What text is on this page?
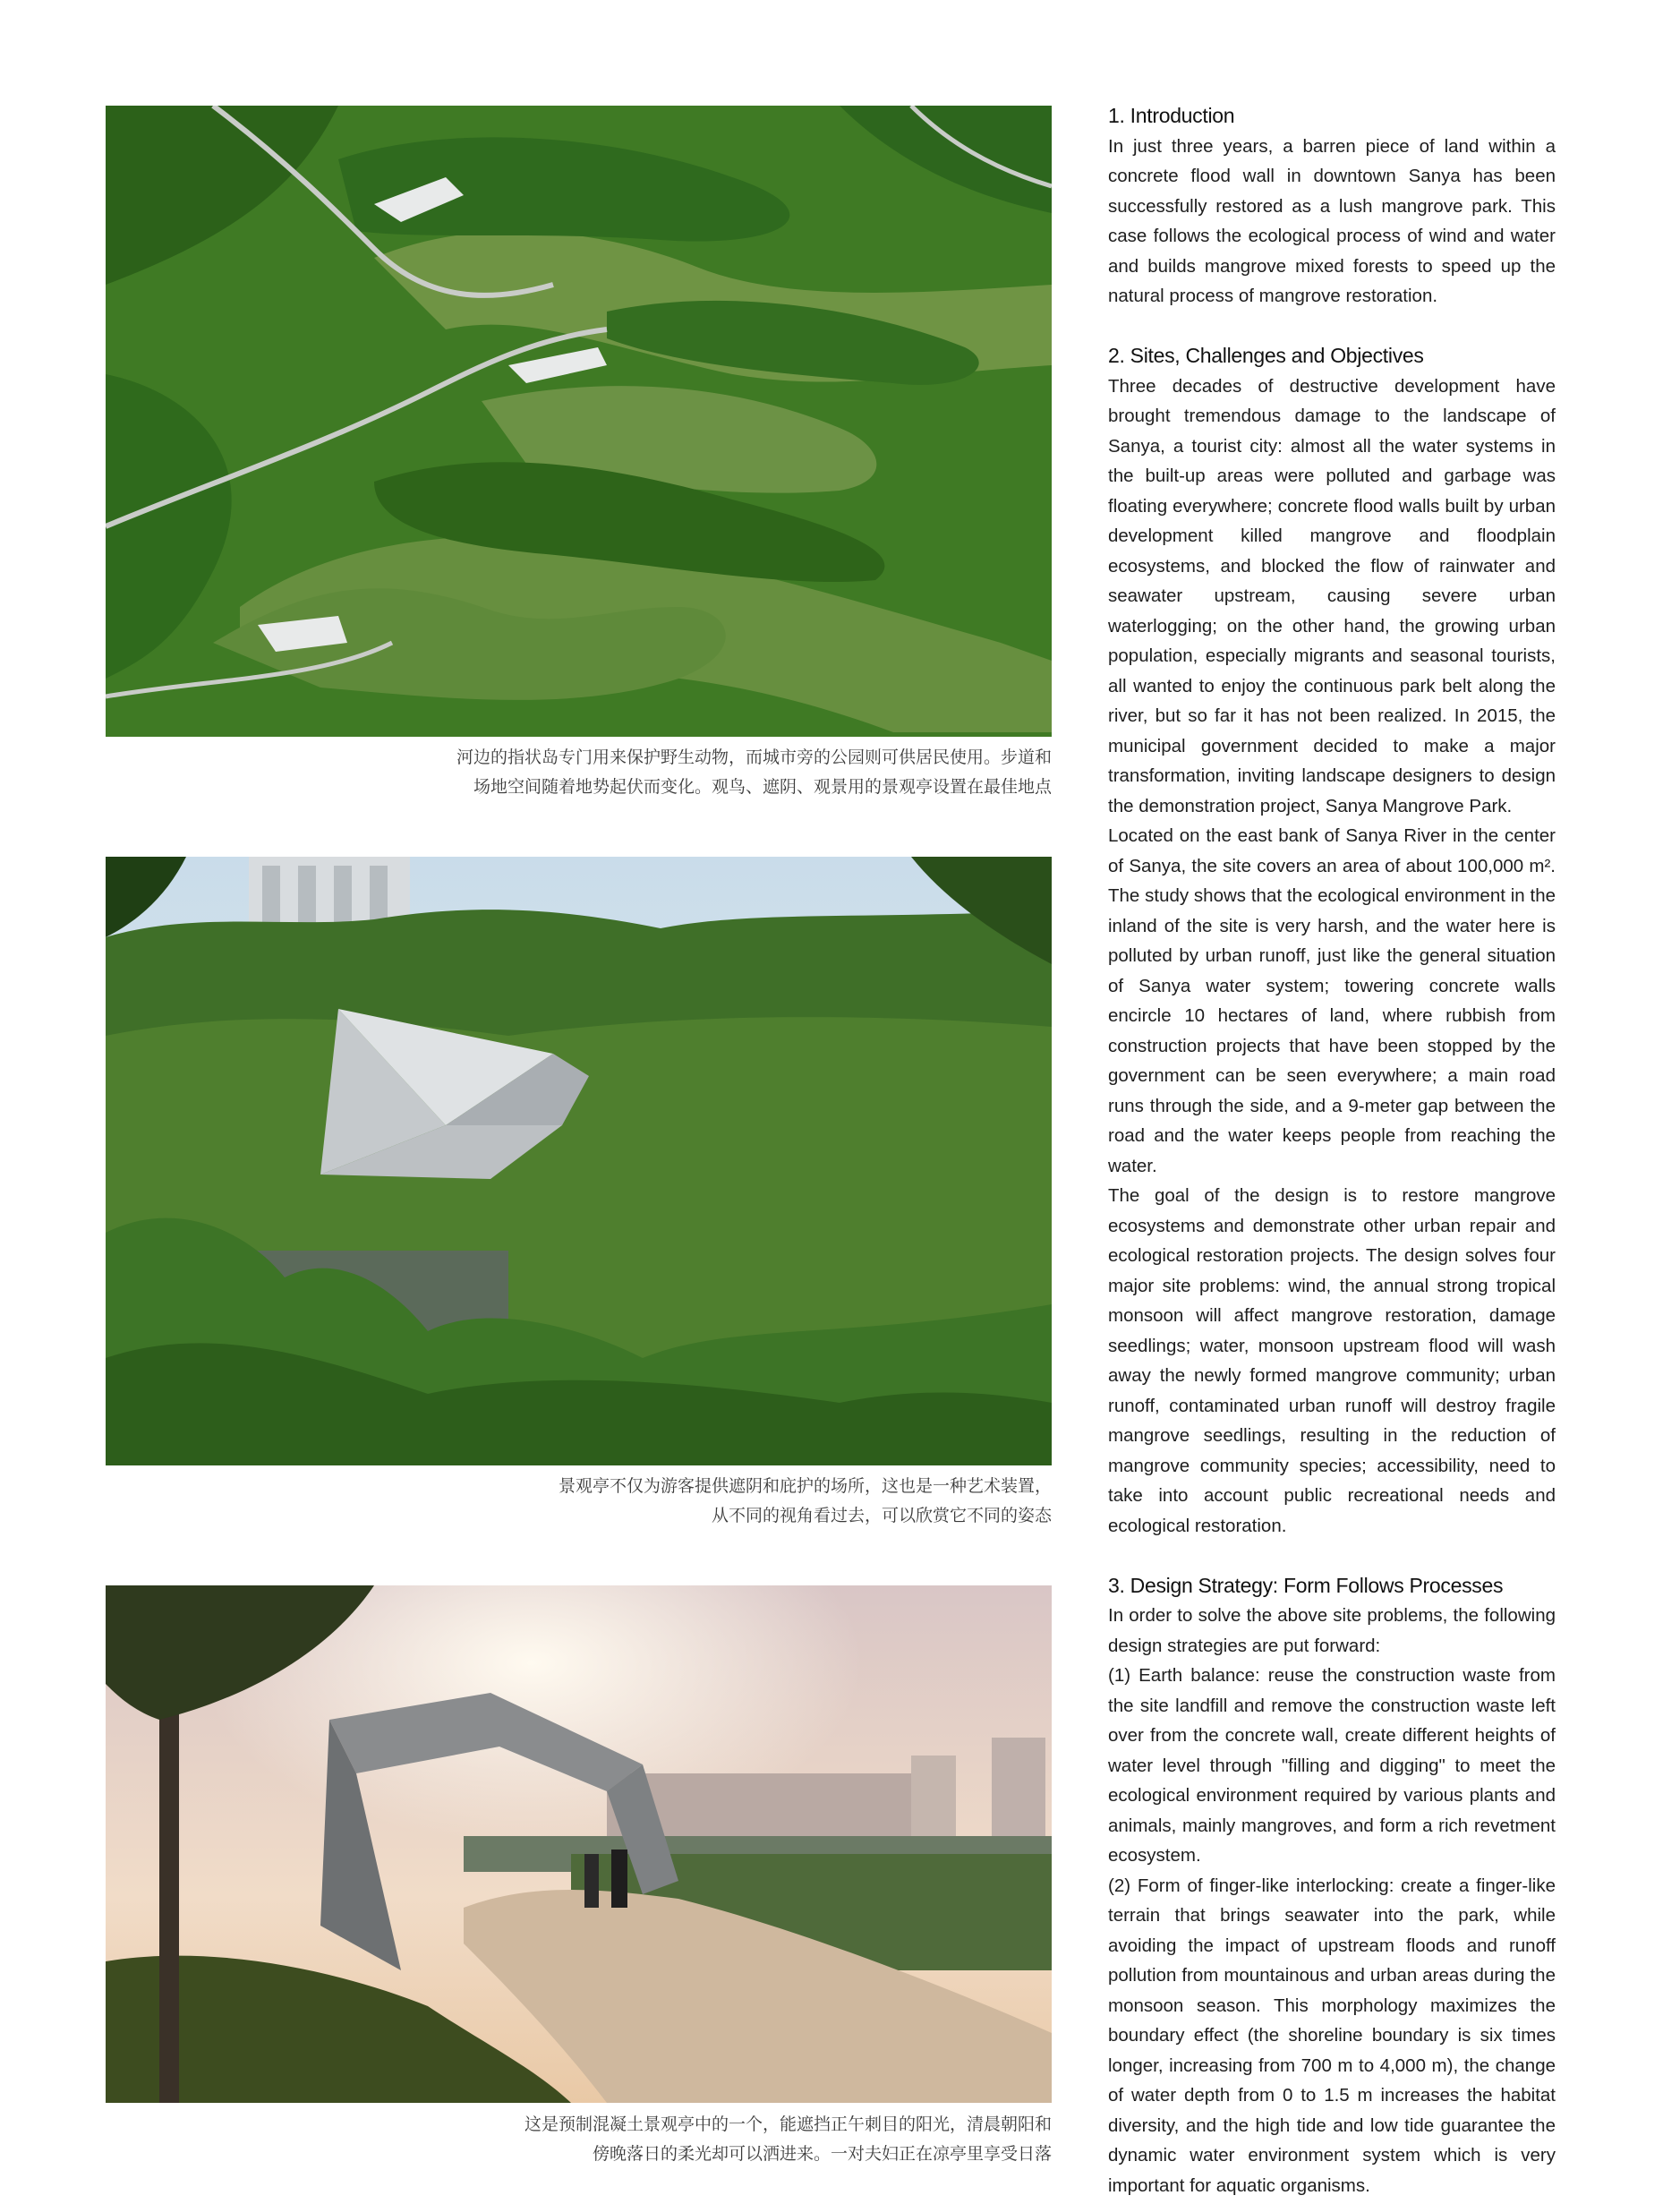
河边的指状岛专门用来保护野生动物，而城市旁的公园则可供居民使用。步道和
场地空间随着地势起伏而变化。观鸟、遮阴、观景用的景观亭设置在最佳地点
景观亭不仅为游客提供遮阴和庇护的场所，这也是一种艺术装置，
从不同的视角看过去，可以欣赏它不同的姿态
这是预制混凝土景观亭中的一个，能遮挡正午刺目的阳光，清晨朝阳和
傍晚落日的柔光却可以洒进来。一对夫妇正在凉亭里享受日落
1. Introduction

In just three years, a barren piece of land within a concrete flood wall in downtown Sanya has been successfully restored as a lush mangrove park. This case follows the ecological process of wind and water and builds mangrove mixed forests to speed up the natural process of mangrove restoration.

2. Sites, Challenges and Objectives

Three decades of destructive development have brought tremendous damage to the landscape of Sanya, a tourist city: almost all the water systems in the built-up areas were polluted and garbage was floating everywhere; concrete flood walls built by urban development killed mangrove and floodplain ecosystems, and blocked the flow of rainwater and seawater upstream, causing severe urban waterlogging; on the other hand, the growing urban population, especially migrants and seasonal tourists, all wanted to enjoy the continuous park belt along the river, but so far it has not been realized. In 2015, the municipal government decided to make a major transformation, inviting landscape designers to design the demonstration project, Sanya Mangrove Park.

Located on the east bank of Sanya River in the center of Sanya, the site covers an area of about 100,000 m². The study shows that the ecological environment in the inland of the site is very harsh, and the water here is polluted by urban runoff, just like the general situation of Sanya water system; towering concrete walls encircle 10 hectares of land, where rubbish from construction projects that have been stopped by the government can be seen everywhere; a main road runs through the side, and a 9-meter gap between the road and the water keeps people from reaching the water.

The goal of the design is to restore mangrove ecosystems and demonstrate other urban repair and ecological restoration projects. The design solves four major site problems: wind, the annual strong tropical monsoon will affect mangrove restoration, damage seedlings; water, monsoon upstream flood will wash away the newly formed mangrove community; urban runoff, contaminated urban runoff will destroy fragile mangrove seedlings, resulting in the reduction of mangrove community species; accessibility, need to take into account public recreational needs and ecological restoration.

3. Design Strategy: Form Follows Processes

In order to solve the above site problems, the following design strategies are put forward:

(1) Earth balance: reuse the construction waste from the site landfill and remove the construction waste left over from the concrete wall, create different heights of water level through "filling and digging" to meet the ecological environment required by various plants and animals, mainly mangroves, and form a rich revetment ecosystem.

(2) Form of finger-like interlocking: create a finger-like terrain that brings seawater into the park, while avoiding the impact of upstream floods and runoff pollution from mountainous and urban areas during the monsoon season. This morphology maximizes the boundary effect (the shoreline boundary is six times longer, increasing from 700 m to 4,000 m), the change of water depth from 0 to 1.5 m increases the habitat diversity, and the high tide and low tide guarantee the dynamic water environment system which is very important for aquatic organisms.
